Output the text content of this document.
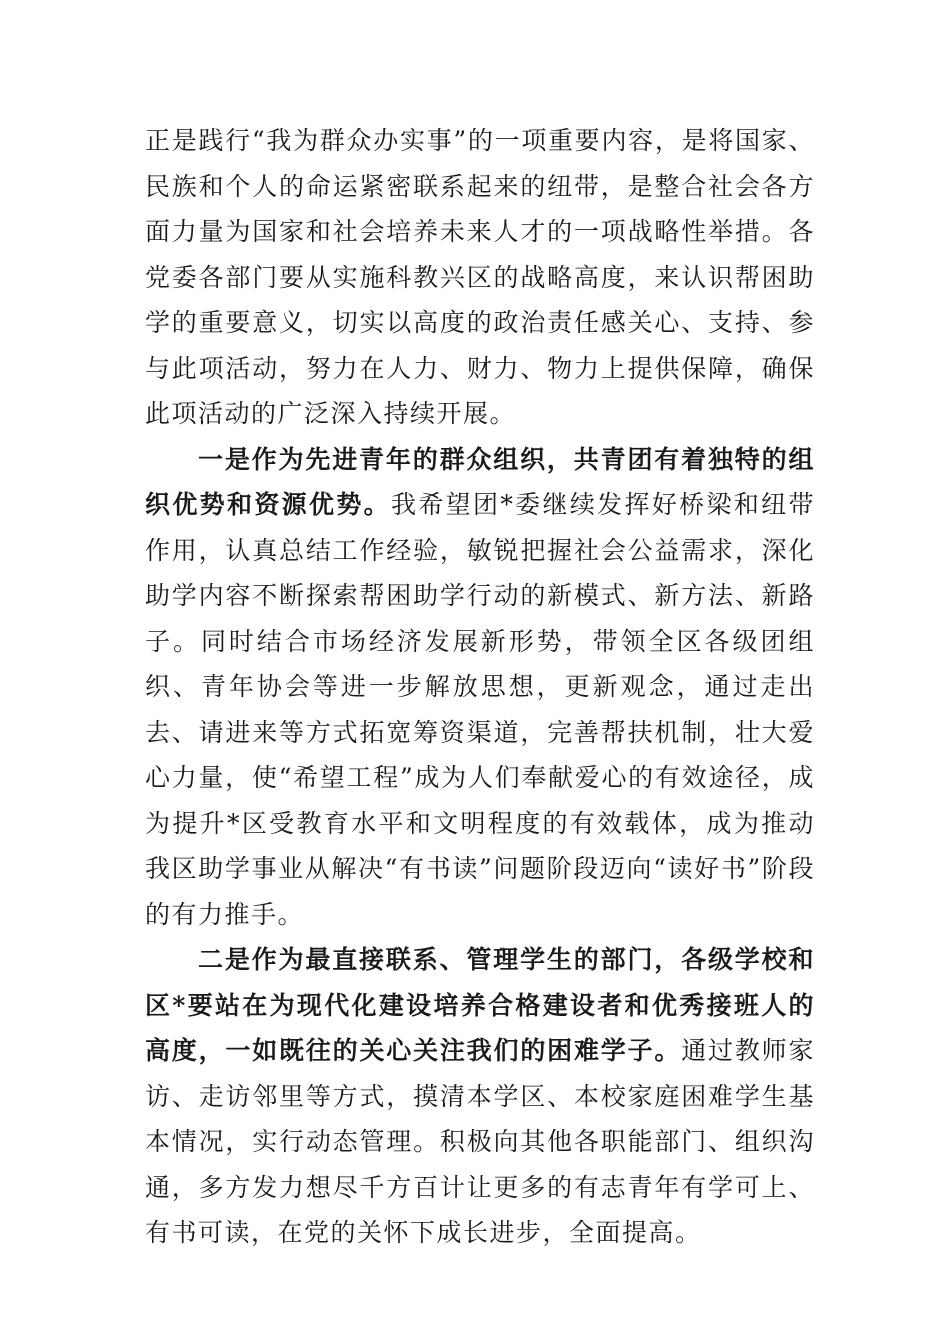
正是践行“我为群众办实事”的一项重要内容，是将国家、民族和个人的命运紧密联系起来的纽带，是整合社会各方面力量为国家和社会培养未来人才的一项战略性举措。各党委各部门要从实施科教兴区的战略高度，来认识帮困助学的重要意义，切实以高度的政治责任感关心、支持、参与此项活动，努力在人力、财力、物力上提供保障，确保此项活动的广泛深入持续开展。

一是作为先进青年的群众组织，共青团有着独特的组织优势和资源优势。我希望团*委继续发挥好桥梁和纽带作用，认真总结工作经验，敏锐把握社会公益需求，深化助学内容不断探索帮困助学行动的新模式、新方法、新路子。同时结合市场经济发展新形势，带领全区各级团组织、青年协会等进一步解放思想，更新观念，通过走出去、请进来等方式拓宽筹资渠道，完善帮扶机制，壮大爱心力量，使“希望工程”成为人们奉献爱心的有效途径，成为提升*区受教育水平和文明程度的有效载体，成为推动我区助学事业从解决“有书读”问题阶段迈向“读好书”阶段的有力推手。

二是作为最直接联系、管理学生的部门，各级学校和区*要站在为现代化建设培养合格建设者和优秀接班人的高度，一如既往的关心关注我们的困难学子。通过教师家访、走访邻里等方式，摸清本学区、本校家庭困难学生基本情况，实行动态管理。积极向其他各职能部门、组织沟通，多方发力想尽千方百计让更多的有志青年有学可上、有书可读，在党的关怀下成长进步，全面提高。
